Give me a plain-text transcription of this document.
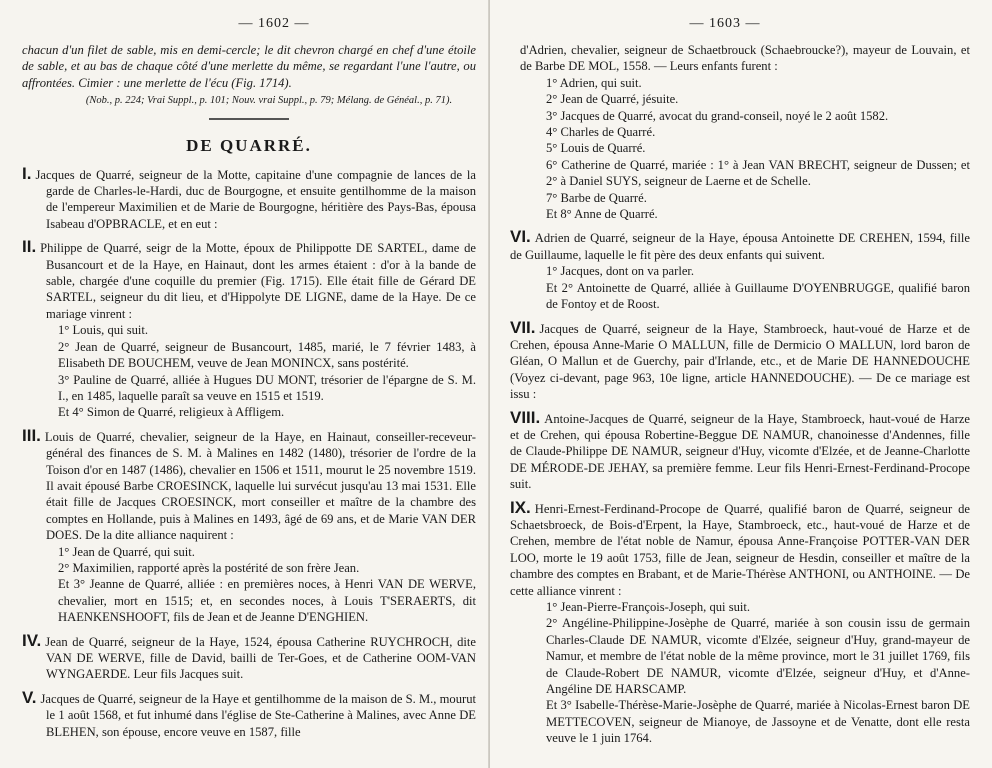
— 1602 —

chacun d'un filet de sable, mis en demi-cercle; le dit chevron chargé en chef d'une étoile de sable, et au bas de chaque côté d'une merlette du même, se regardant l'une l'autre, ou affrontées. Cimier : une merlette de l'écu (Fig. 1714).

(Nob., p. 224; Vrai Suppl., p. 101; Nouv. vrai Suppl., p. 79; Mélang. de Généal., p. 71).

DE QUARRÉ.

I. Jacques de Quarré, seigneur de la Motte, capitaine d'une compagnie de lances de la garde de Charles-le-Hardi, duc de Bourgogne, et ensuite gentilhomme de la maison de l'empereur Maximilien et de Marie de Bourgogne, héritière des Pays-Bas, épousa Isabeau d'OPBRACLE, et en eut :

II. Philippe de Quarré, seigr de la Motte, époux de Philippotte DE SARTEL, dame de Busancourt et de la Haye, en Hainaut, dont les armes étaient : d'or à la bande de sable, chargée d'une coquille du premier (Fig. 1715). Elle était fille de Gérard DE SARTEL, seigneur du dit lieu, et d'Hippolyte DE LIGNE, dame de la Haye. De ce mariage vinrent :

1° Louis, qui suit.

2° Jean de Quarré, seigneur de Busancourt, 1485, marié, le 7 février 1483, à Elisabeth DE BOUCHEM, veuve de Jean MONINCX, sans postérité.

3° Pauline de Quarré, alliée à Hugues DU MONT, trésorier de l'épargne de S. M. I., en 1485, laquelle paraît sa veuve en 1515 et 1519.

Et 4° Simon de Quarré, religieux à Affligem.

III. Louis de Quarré, chevalier, seigneur de la Haye, en Hainaut, conseiller-receveur-général des finances de S. M. à Malines en 1482 (1480), trésorier de l'ordre de la Toison d'or en 1487 (1486), chevalier en 1506 et 1511, mourut le 25 novembre 1519. Il avait épousé Barbe CROESINCK, laquelle lui survécut jusqu'au 13 mai 1531. Elle était fille de Jacques CROESINCK, mort conseiller et maître de la chambre des comptes en Hollande, puis à Malines en 1493, âgé de 69 ans, et de Marie VAN DER DOES. De la dite alliance naquirent :

1° Jean de Quarré, qui suit.

2° Maximilien, rapporté après la postérité de son frère Jean.

Et 3° Jeanne de Quarré, alliée : en premières noces, à Henri VAN DE WERVE, chevalier, mort en 1515; et, en secondes noces, à Louis T'SERAERTS, dit HAENKENSHOOFT, fils de Jean et de Jeanne D'ENGHIEN.

IV. Jean de Quarré, seigneur de la Haye, 1524, épousa Catherine RUYCHROCH, dite VAN DE WERVE, fille de David, bailli de Ter-Goes, et de Catherine OOM-VAN WYNGAERDE. Leur fils Jacques suit.

V. Jacques de Quarré, seigneur de la Haye et gentilhomme de la maison de S. M., mourut le 1 août 1568, et fut inhumé dans l'église de Ste-Catherine à Malines, avec Anne DE BLEHEN, son épouse, encore veuve en 1587, fille

— 1603 —

d'Adrien, chevalier, seigneur de Schaetbrouck (Schaebroucke?), mayeur de Louvain, et de Barbe DE MOL, 1558. — Leurs enfants furent :

1° Adrien, qui suit.

2° Jean de Quarré, jésuite.

3° Jacques de Quarré, avocat du grand-conseil, noyé le 2 août 1582.

4° Charles de Quarré.

5° Louis de Quarré.

6° Catherine de Quarré, mariée : 1° à Jean VAN BRECHT, seigneur de Dussen; et 2° à Daniel SUYS, seigneur de Laerne et de Schelle.

7° Barbe de Quarré.

Et 8° Anne de Quarré.

VI. Adrien de Quarré, seigneur de la Haye, épousa Antoinette DE CREHEN, 1594, fille de Guillaume, laquelle le fit père des deux enfants qui suivent.

1° Jacques, dont on va parler.

Et 2° Antoinette de Quarré, alliée à Guillaume D'OYENBRUGGE, qualifié baron de Fontoy et de Roost.

VII. Jacques de Quarré, seigneur de la Haye, Stambroeck, haut-voué de Harze et de Crehen, épousa Anne-Marie O MALLUN, fille de Dermicio O MALLUN, lord baron de Gléan, O Mallun et de Guerchy, pair d'Irlande, etc., et de Marie DE HANNEDOUCHE (Voyez ci-devant, page 963, 10e ligne, article HANNEDOUCHE). — De ce mariage est issu :

VIII. Antoine-Jacques de Quarré, seigneur de la Haye, Stambroeck, haut-voué de Harze et de Crehen, qui épousa Robertine-Beggue DE NAMUR, chanoinesse d'Andennes, fille de Claude-Philippe DE NAMUR, seigneur d'Huy, vicomte d'Elzée, et de Jeanne-Charlotte DE MÉRODE-DE JEHAY, sa première femme. Leur fils Henri-Ernest-Ferdinand-Procope suit.

IX. Henri-Ernest-Ferdinand-Procope de Quarré, qualifié baron de Quarré, seigneur de Schaetsbroeck, de Bois-d'Erpent, la Haye, Stambroeck, etc., haut-voué de Harze et de Crehen, membre de l'état noble de Namur, épousa Anne-Françoise POTTER-VAN DER LOO, morte le 19 août 1753, fille de Jean, seigneur de Hesdin, conseiller et maître de la chambre des comptes en Brabant, et de Marie-Thérèse ANTHONI, ou ANTHOINE. — De cette alliance vinrent :

1° Jean-Pierre-François-Joseph, qui suit.

2° Angéline-Philippine-Josèphe de Quarré, mariée à son cousin issu de germain Charles-Claude DE NAMUR, vicomte d'Elzée, seigneur d'Huy, grand-mayeur de Namur, et membre de l'état noble de la même province, mort le 31 juillet 1769, fils de Claude-Robert DE NAMUR, vicomte d'Elzée, seigneur d'Huy, et d'Anne-Angéline DE HARSCAMP.

Et 3° Isabelle-Thérèse-Marie-Josèphe de Quarré, mariée à Nicolas-Ernest baron DE METTECOVEN, seigneur de Mianoye, de Jassoyne et de Venatte, dont elle resta veuve le 1 juin 1764.
